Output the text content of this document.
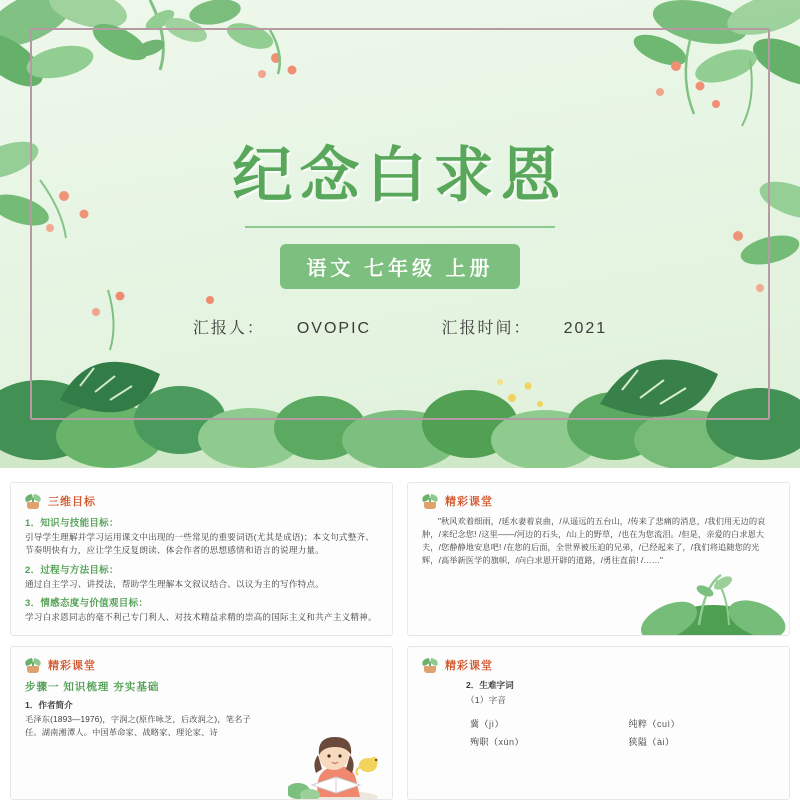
纪念白求恩
语文 七年级 上册
汇报人： OVOPIC	汇报时间： 2021
三维目标
1．知识与技能目标：
引导学生理解并学习运用课文中出现的一些常见的重要词语(尤其是成语)；本文句式整齐、节奏明快有力，应让学生反复朗读、体会作者的思想感情和语言的说理力量。
2．过程与方法目标：
通过自主学习、讲授法，帮助学生理解本文叙议结合、以议为主的写作特点。
3．情感态度与价值观目标：
学习白求恩同志的毫不利己专门利人、对技术精益求精的崇高的国际主义和共产主义精神。
精彩课堂
"秋风欢着细雨，/延水妻着哀曲，/从遥远的五台山，/传来了悲痛的消息，/我们用无边的哀肿，/来纪念您! /这里——/河边的石头，/山上的野草，/也在为您流泪。/但是，亲爱的白求恩大夫，/您静静地安息吧! /在您的后面，全世界被压迫的兄弟，/已经起来了，/我们将追随您的光辉，/高举新医学的旗帜，/向白求恩开辟的道路，/勇往直前! /……"
精彩课堂
步骤一 知识梳理 夯实基础
1．作者简介
毛泽东(1893—1976)，字润之(原作咏芝，后改润之)，笔名子任。湖南湘潭人。中国革命家、战略家、理论家、诗
精彩课堂
2．生难字词
（1）字音
冀（jì）	纯粹（cuì）
殉职（xùn）	狭隘（ài）
